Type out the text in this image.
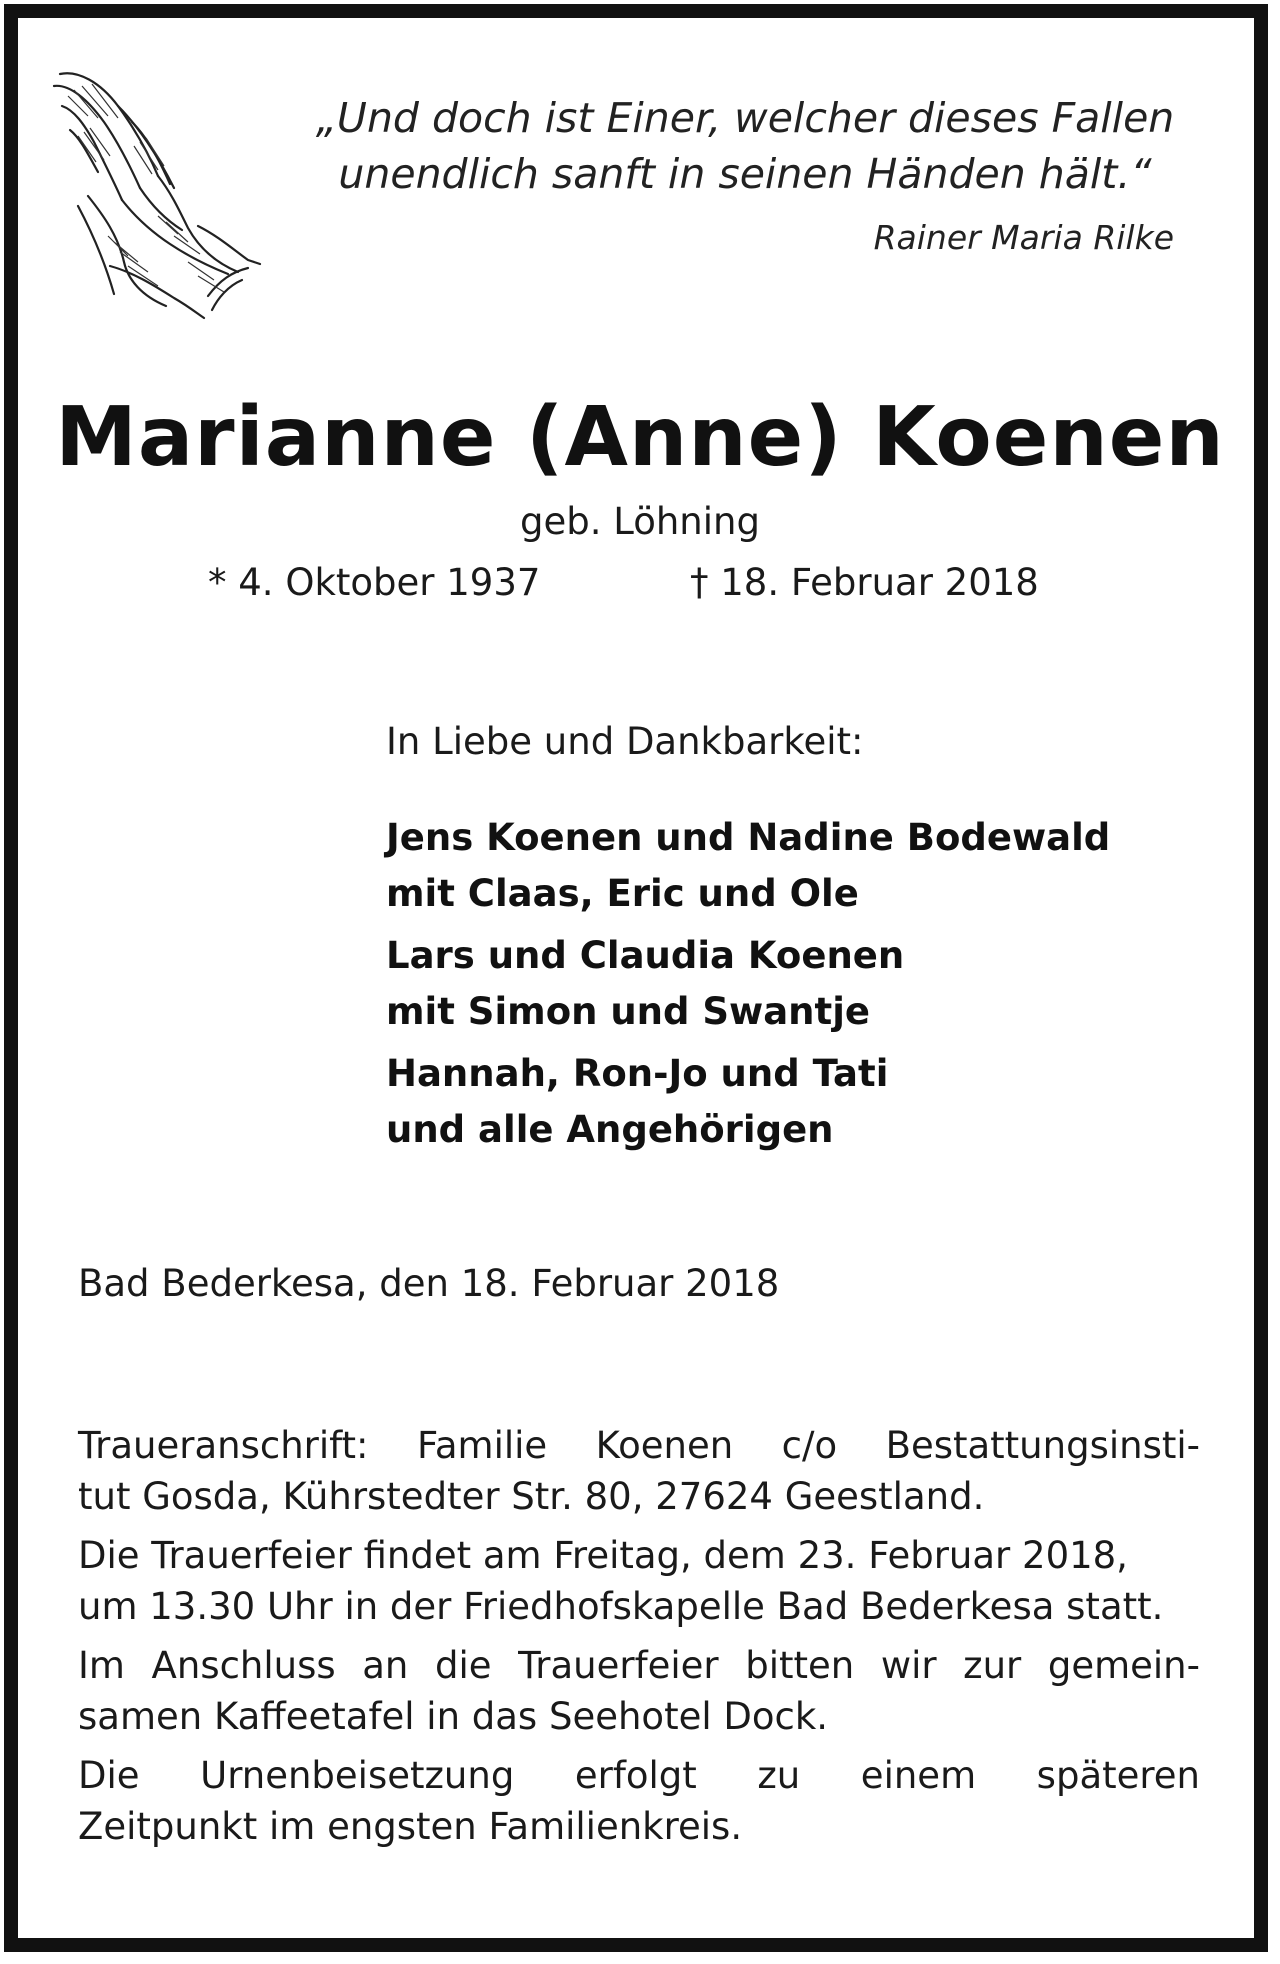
„Und doch ist Einer, welcher dieses Fallen
unendlich sanft in seinen Händen hält.“
Rainer Maria Rilke
Marianne (Anne) Koenen
geb. Löhning
* 4. Oktober 1937	† 18. Februar 2018
In Liebe und Dankbarkeit:
Jens Koenen und Nadine Bodewald
mit Claas, Eric und Ole
Lars und Claudia Koenen
mit Simon und Swantje
Hannah, Ron-Jo und Tati
und alle Angehörigen
Bad Bederkesa, den 18. Februar 2018
Traueranschrift: Familie Koenen c/o Bestattungsinsti-
tut Gosda, Kührstedter Str. 80, 27624 Geestland.
Die Trauerfeier findet am Freitag, dem 23. Februar 2018,
um 13.30 Uhr in der Friedhofskapelle Bad Bederkesa statt.
Im Anschluss an die Trauerfeier bitten wir zur gemein-
samen Kaffeetafel in das Seehotel Dock.
Die Urnenbeisetzung erfolgt zu einem späteren
Zeitpunkt im engsten Familienkreis.
